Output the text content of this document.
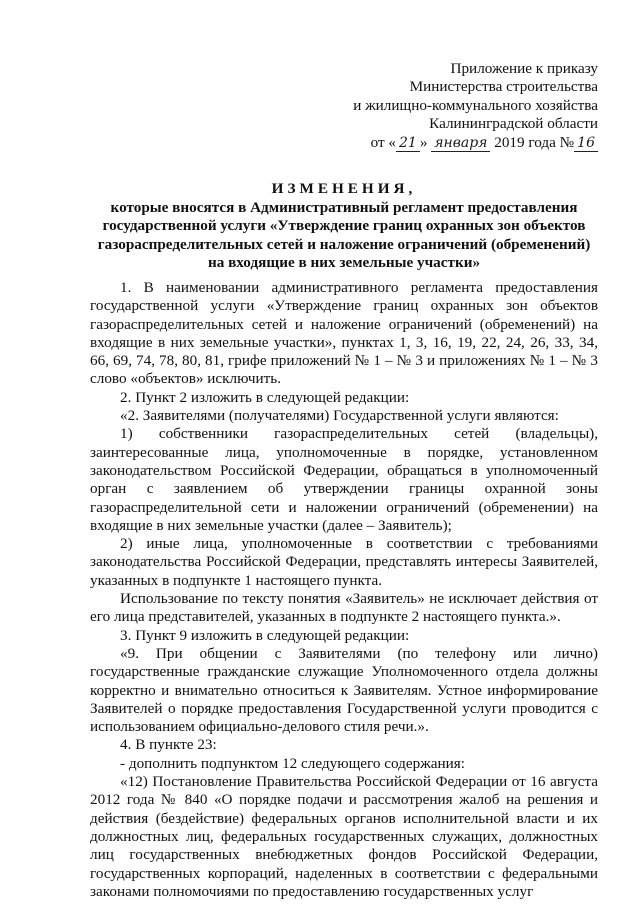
Приложение к приказу
Министерства строительства
и жилищно-коммунального хозяйства
Калининградской области
от « 21 » января 2019 года № 16
ИЗМЕНЕНИЯ,
которые вносятся в Административный регламент предоставления государственной услуги «Утверждение границ охранных зон объектов газораспределительных сетей и наложение ограничений (обременений) на входящие в них земельные участки»

1. В наименовании административного регламента предоставления государственной услуги «Утверждение границ охранных зон объектов газораспределительных сетей и наложение ограничений (обременений) на входящие в них земельные участки», пунктах 1, 3, 16, 19, 22, 24, 26, 33, 34, 66, 69, 74, 78, 80, 81, грифе приложений № 1 – № 3 и приложениях № 1 – № 3 слово «объектов» исключить.

2. Пункт 2 изложить в следующей редакции:

«2. Заявителями (получателями) Государственной услуги являются:

1) собственники газораспределительных сетей (владельцы), заинтересованные лица, уполномоченные в порядке, установленном законодательством Российской Федерации, обращаться в уполномоченный орган с заявлением об утверждении границы охранной зоны газораспределительной сети и наложении ограничений (обременении) на входящие в них земельные участки (далее – Заявитель);

2) иные лица, уполномоченные в соответствии с требованиями законодательства Российской Федерации, представлять интересы Заявителей, указанных в подпункте 1 настоящего пункта.

Использование по тексту понятия «Заявитель» не исключает действия от его лица представителей, указанных в подпункте 2 настоящего пункта.».

3. Пункт 9 изложить в следующей редакции:

«9. При общении с Заявителями (по телефону или лично) государственные гражданские служащие Уполномоченного отдела должны корректно и внимательно относиться к Заявителям. Устное информирование Заявителей о порядке предоставления Государственной услуги проводится с использованием официально-делового стиля речи.».

4. В пункте 23:

- дополнить подпунктом 12 следующего содержания:

«12) Постановление Правительства Российской Федерации от 16 августа 2012 года № 840 «О порядке подачи и рассмотрения жалоб на решения и действия (бездействие) федеральных органов исполнительной власти и их должностных лиц, федеральных государственных служащих, должностных лиц государственных внебюджетных фондов Российской Федерации, государственных корпораций, наделенных в соответствии с федеральными законами полномочиями по предоставлению государственных услуг
